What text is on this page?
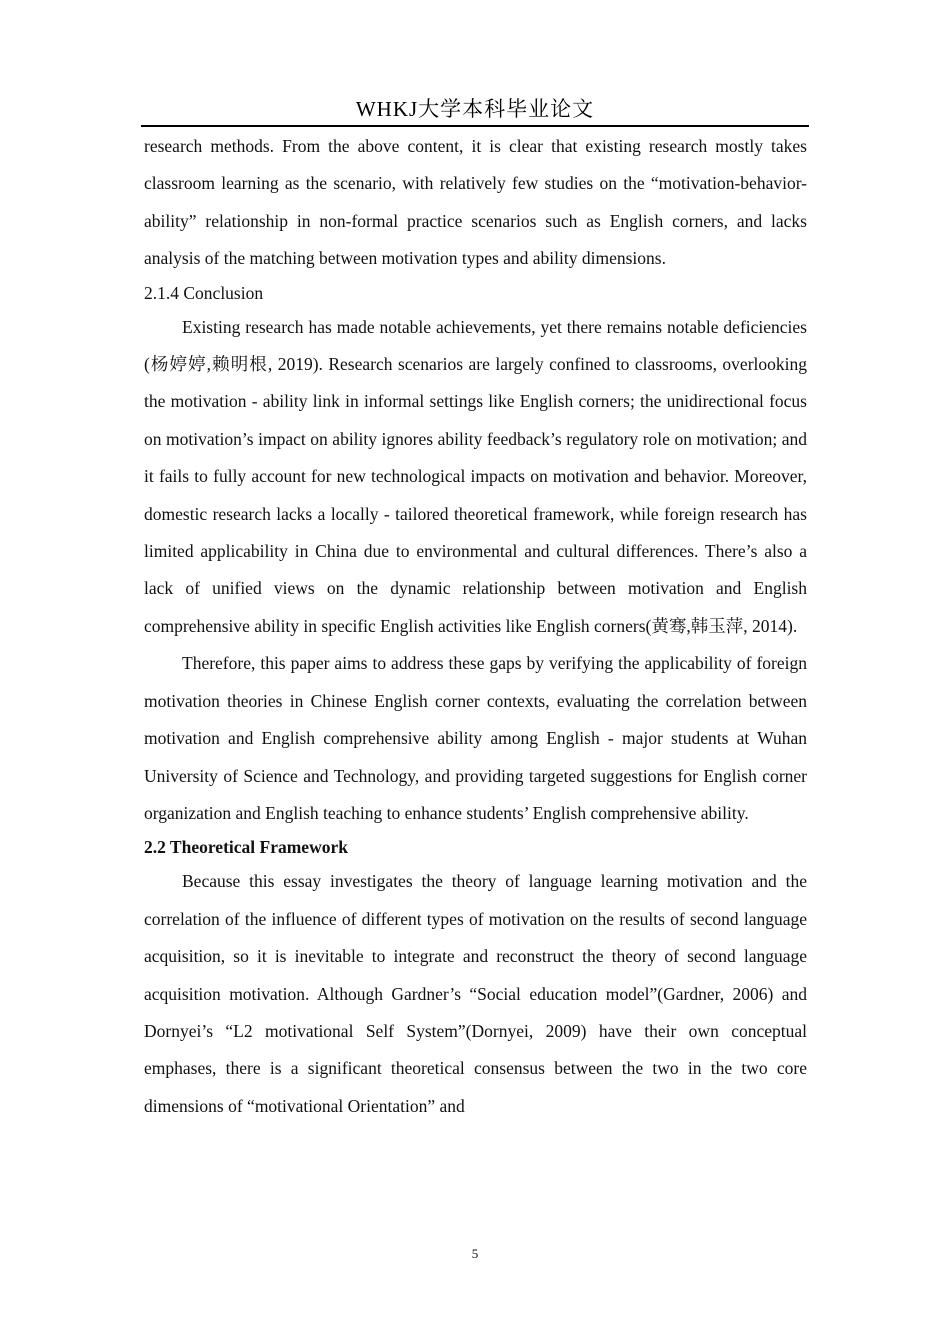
WHKJ大学本科毕业论文

research methods. From the above content, it is clear that existing research mostly takes classroom learning as the scenario, with relatively few studies on the “motivation-behavior-ability” relationship in non-formal practice scenarios such as English corners, and lacks analysis of the matching between motivation types and ability dimensions.

2.1.4 Conclusion

Existing research has made notable achievements, yet there remains notable deficiencies (杨婷婷,赖明根, 2019). Research scenarios are largely confined to classrooms, overlooking the motivation - ability link in informal settings like English corners; the unidirectional focus on motivation’s impact on ability ignores ability feedback’s regulatory role on motivation; and it fails to fully account for new technological impacts on motivation and behavior. Moreover, domestic research lacks a locally - tailored theoretical framework, while foreign research has limited applicability in China due to environmental and cultural differences. There’s also a lack of unified views on the dynamic relationship between motivation and English comprehensive ability in specific English activities like English corners(黄骞,韩玉萍, 2014).

Therefore, this paper aims to address these gaps by verifying the applicability of foreign motivation theories in Chinese English corner contexts, evaluating the correlation between motivation and English comprehensive ability among English - major students at Wuhan University of Science and Technology, and providing targeted suggestions for English corner organization and English teaching to enhance students’ English comprehensive ability.

2.2 Theoretical Framework

Because this essay investigates the theory of language learning motivation and the correlation of the influence of different types of motivation on the results of second language acquisition, so it is inevitable to integrate and reconstruct the theory of second language acquisition motivation. Although Gardner’s “Social education model”(Gardner, 2006) and Dornyei’s “L2 motivational Self System”(Dornyei, 2009) have their own conceptual emphases, there is a significant theoretical consensus between the two in the two core dimensions of “motivational Orientation” and

5
